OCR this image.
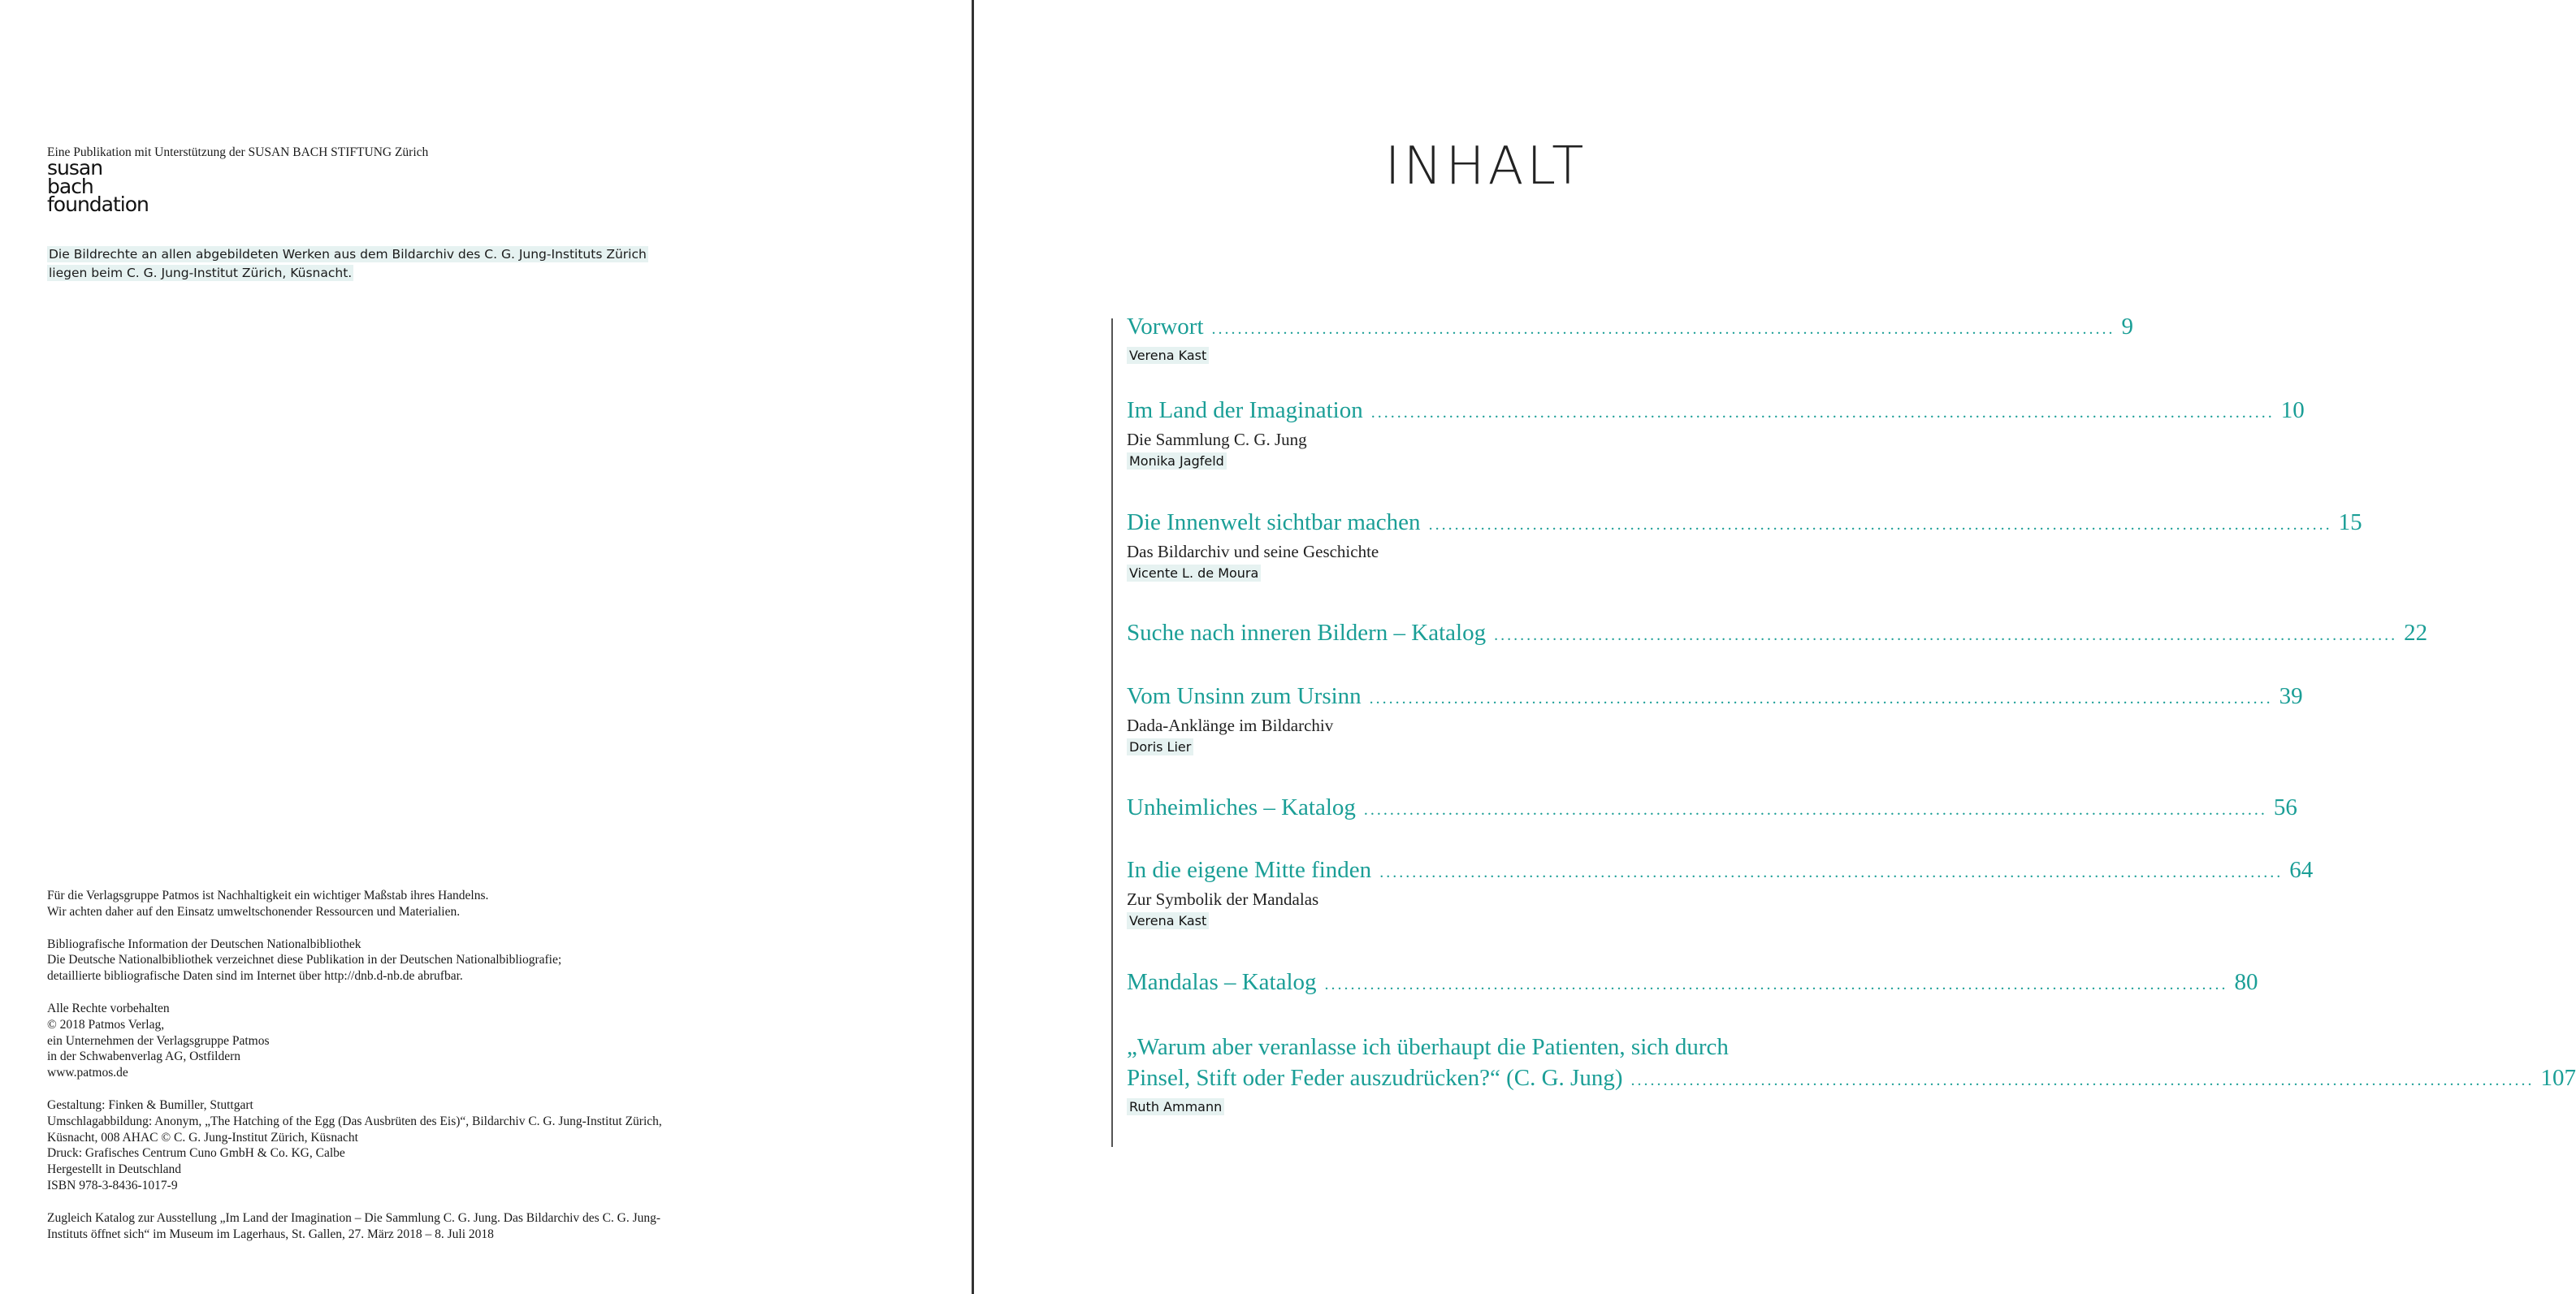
Eine Publikation mit Unterstützung der SUSAN BACH STIFTUNG Zürich
susan
bach
foundation
Die Bildrechte an allen abgebildeten Werken aus dem Bildarchiv des C. G. Jung-Instituts Zürich
liegen beim C. G. Jung-Institut Zürich, Küsnacht.
Für die Verlagsgruppe Patmos ist Nachhaltigkeit ein wichtiger Maßstab ihres Handelns.
Wir achten daher auf den Einsatz umweltschonender Ressourcen und Materialien.
Bibliografische Information der Deutschen Nationalbibliothek
Die Deutsche Nationalbibliothek verzeichnet diese Publikation in der Deutschen Nationalbibliografie;
detaillierte bibliografische Daten sind im Internet über http://dnb.d-nb.de abrufbar.
Alle Rechte vorbehalten
© 2018 Patmos Verlag,
ein Unternehmen der Verlagsgruppe Patmos
in der Schwabenverlag AG, Ostfildern
www.patmos.de
Gestaltung: Finken & Bumiller, Stuttgart
Umschlagabbildung: Anonym, „The Hatching of the Egg (Das Ausbrüten des Eis)“, Bildarchiv C. G. Jung-Institut Zürich,
Küsnacht, 008 AHAC © C. G. Jung-Institut Zürich, Küsnacht
Druck: Grafisches Centrum Cuno GmbH & Co. KG, Calbe
Hergestellt in Deutschland
ISBN 978-3-8436-1017-9
Zugleich Katalog zur Ausstellung „Im Land der Imagination – Die Sammlung C. G. Jung. Das Bildarchiv des C. G. Jung-
Instituts öffnet sich“ im Museum im Lagerhaus, St. Gallen, 27. März 2018 – 8. Juli 2018
INHALT
Vorwort ........................................................................................................................................... 9
Verena Kast
Im Land der Imagination ........................................................................................................................................... 10
Die Sammlung C. G. Jung
Monika Jagfeld
Die Innenwelt sichtbar machen ........................................................................................................................................... 15
Das Bildarchiv und seine Geschichte
Vicente L. de Moura
Suche nach inneren Bildern – Katalog ........................................................................................................................................... 22
Vom Unsinn zum Ursinn ........................................................................................................................................... 39
Dada-Anklänge im Bildarchiv
Doris Lier
Unheimliches – Katalog ........................................................................................................................................... 56
In die eigene Mitte finden ........................................................................................................................................... 64
Zur Symbolik der Mandalas
Verena Kast
Mandalas – Katalog ........................................................................................................................................... 80
„Warum aber veranlasse ich überhaupt die Patienten, sich durch
Pinsel, Stift oder Feder auszudrücken?“ (C. G. Jung) ........................................................................................................................................... 107
Ruth Ammann
